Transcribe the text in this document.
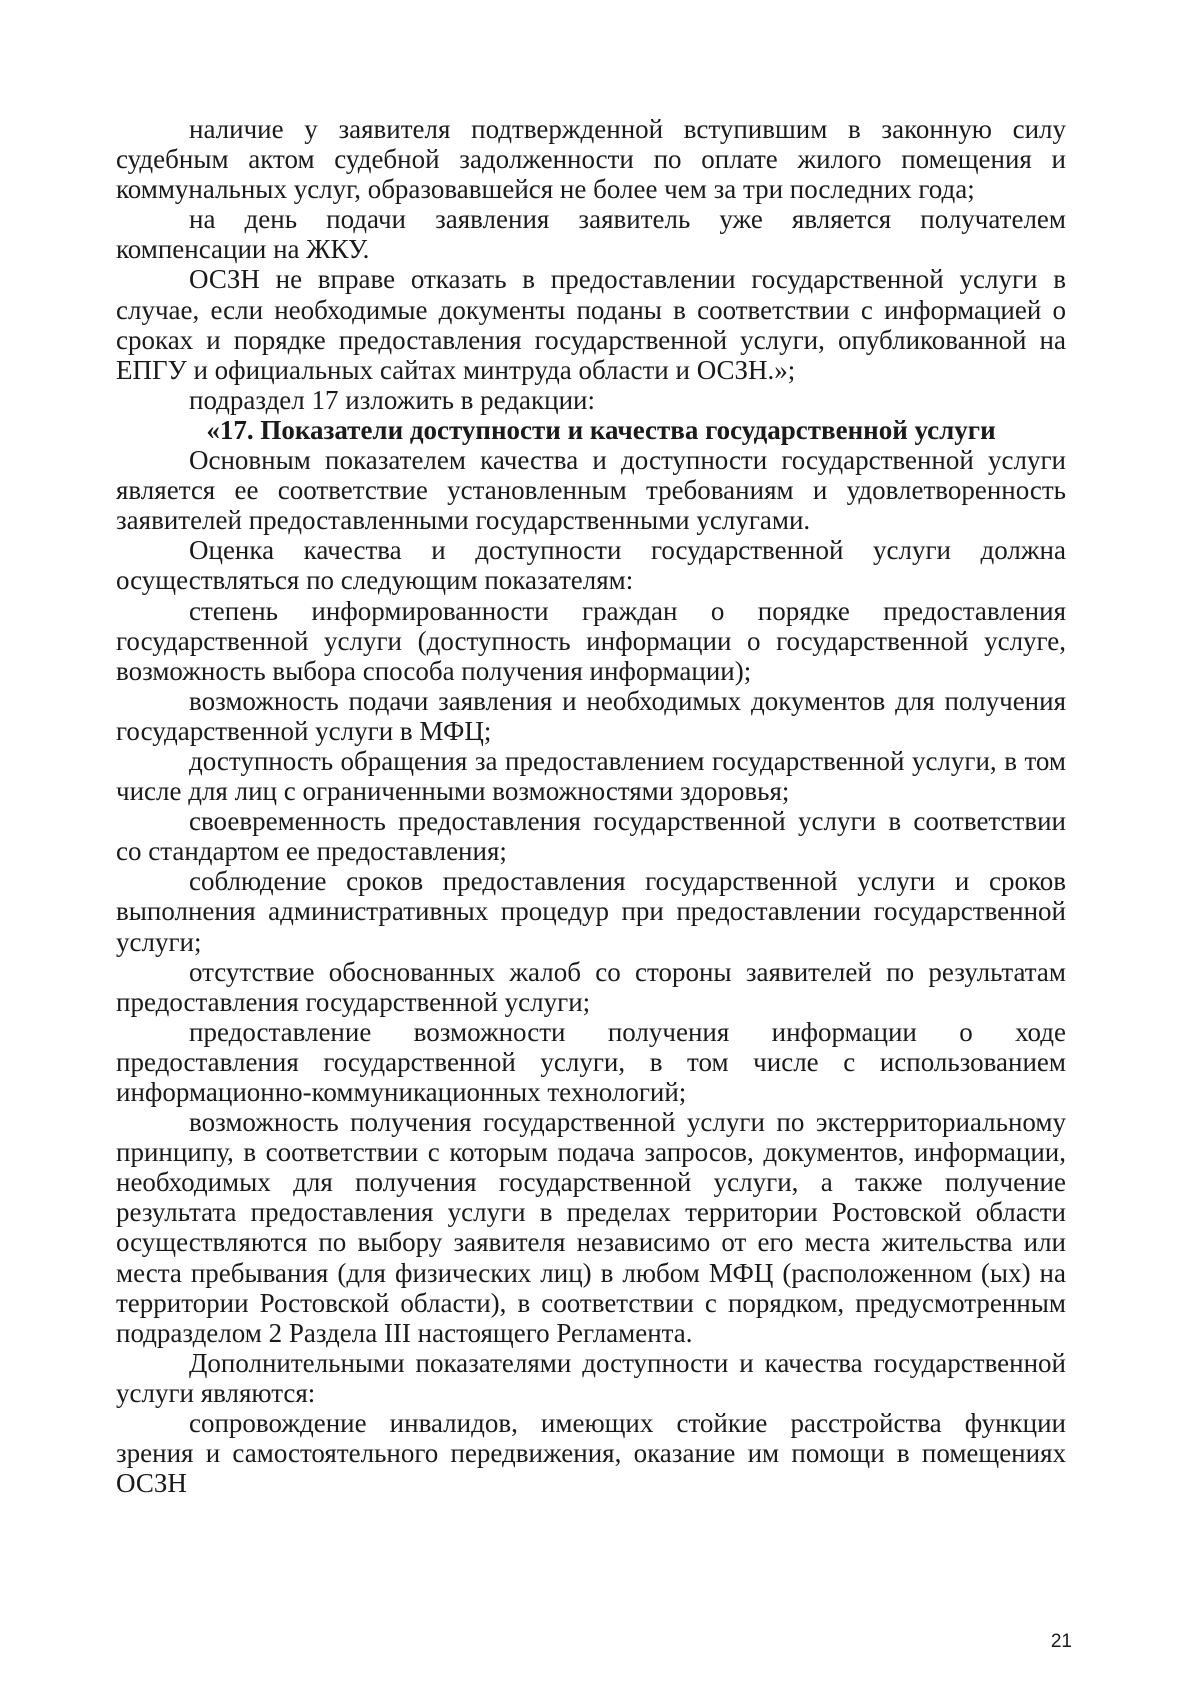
наличие у заявителя подтвержденной вступившим в законную силу судебным актом судебной задолженности по оплате жилого помещения и коммунальных услуг, образовавшейся не более чем за три последних года;

на день подачи заявления заявитель уже является получателем компенсации на ЖКУ.

ОСЗН не вправе отказать в предоставлении государственной услуги в случае, если необходимые документы поданы в соответствии с информацией о сроках и порядке предоставления государственной услуги, опубликованной на ЕПГУ и официальных сайтах минтруда области и ОСЗН.»;

подраздел 17 изложить в редакции:

«17. Показатели доступности и качества государственной услуги

Основным показателем качества и доступности государственной услуги является ее соответствие установленным требованиям и удовлетворенность заявителей предоставленными государственными услугами.

Оценка качества и доступности государственной услуги должна осуществляться по следующим показателям:

степень информированности граждан о порядке предоставления государственной услуги (доступность информации о государственной услуге, возможность выбора способа получения информации);

возможность подачи заявления и необходимых документов для получения государственной услуги в МФЦ;

доступность обращения за предоставлением государственной услуги, в том числе для лиц с ограниченными возможностями здоровья;

своевременность предоставления государственной услуги в соответствии со стандартом ее предоставления;

соблюдение сроков предоставления государственной услуги и сроков выполнения административных процедур при предоставлении государственной услуги;

отсутствие обоснованных жалоб со стороны заявителей по результатам предоставления государственной услуги;

предоставление возможности получения информации о ходе предоставления государственной услуги, в том числе с использованием информационно-коммуникационных технологий;

возможность получения государственной услуги по экстерриториальному принципу, в соответствии с которым подача запросов, документов, информации, необходимых для получения государственной услуги, а также получение результата предоставления услуги в пределах территории Ростовской области осуществляются по выбору заявителя независимо от его места жительства или места пребывания (для физических лиц) в любом МФЦ (расположенном (ых) на территории Ростовской области), в соответствии с порядком, предусмотренным подразделом 2 Раздела III настоящего Регламента.

Дополнительными показателями доступности и качества государственной услуги являются:

сопровождение инвалидов, имеющих стойкие расстройства функции зрения и самостоятельного передвижения, оказание им помощи в помещениях ОСЗН

21
